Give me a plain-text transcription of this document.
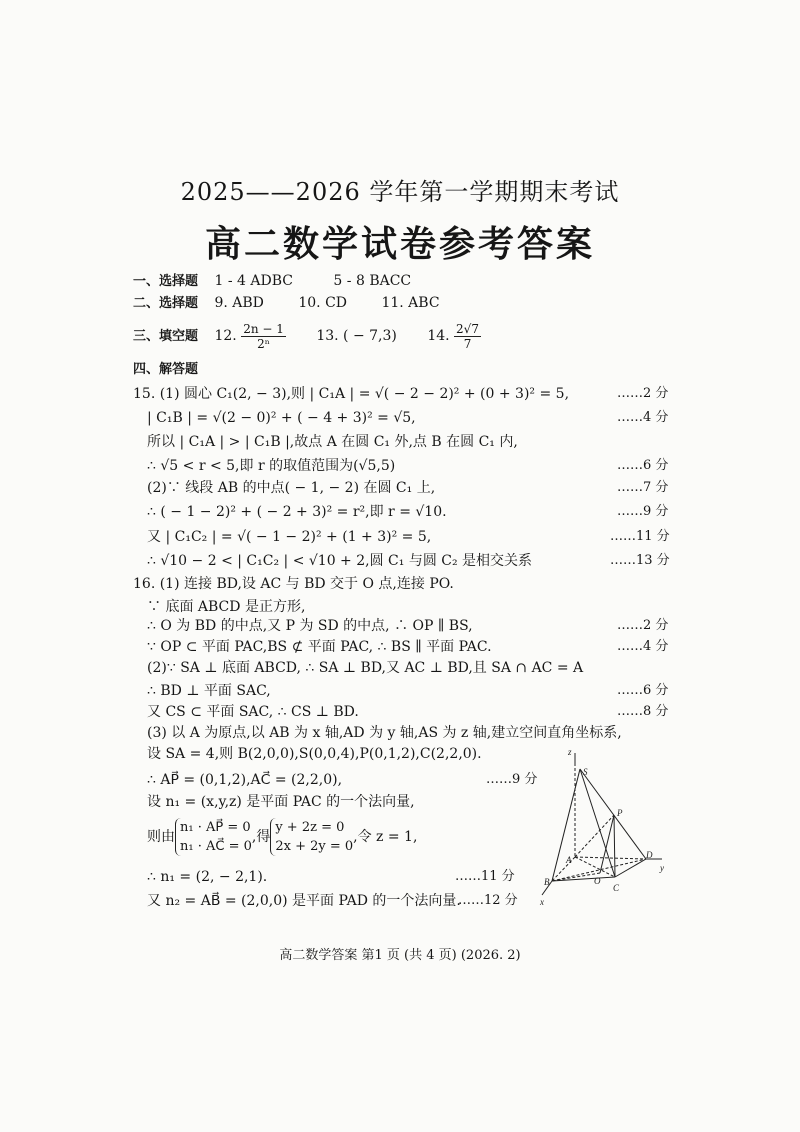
2025——2026 学年第一学期期末考试
高二数学试卷参考答案
一、选择题 1 - 4 ADBC	5 - 8 BACC
二、选择题 9. ABD 10. CD 11. ABC
三、填空题 12. $\frac{2n - 1}{\text{2ⁿ}} 13$. ( − 7,3) 14. $\frac{2√7}{7}$
四、解答题
15. (1) 圆心 C₁(2, − 3),则 | C₁A | = √( − 2 − 2)² + (0 + 3)² = 5,	……2 分
| C₁B | = √(2 − 0)² + ( − 4 + 3)² = √5,	……4 分
所以 | C₁A | > | C₁B |,故点 A 在圆 C₁ 外,点 B 在圆 C₁ 内,
∴ √5 < r < 5,即 r 的取值范围为(√5,5)	……6 分
(2)∵ 线段 AB 的中点( − 1, − 2) 在圆 C₁ 上,	……7 分
∴ ( − 1 − 2)² + ( − 2 + 3)² = r²,即 r = √10.	……9 分
又 | C₁C₂ | = √( − 1 − 2)² + (1 + 3)² = 5,	……11 分
∴ √10 − 2 < | C₁C₂ | < √10 + 2,圆 C₁ 与圆 C₂ 是相交关系	……13 分
16. (1) 连接 BD,设 AC 与 BD 交于 O 点,连接 PO.
∵ 底面 ABCD 是正方形,
∴ O 为 BD 的中点,又 P 为 SD 的中点, ∴ OP ∥ BS,	……2 分
∵ OP ⊂ 平面 PAC,BS ⊄ 平面 PAC, ∴ BS ∥ 平面 PAC.	……4 分
(2)∵ SA ⊥ 底面 ABCD, ∴ SA ⊥ BD,又 AC ⊥ BD,且 SA ∩ AC = A
∴ BD ⊥ 平面 SAC,	……6 分
又 CS ⊂ 平面 SAC, ∴ CS ⊥ BD.	……8 分
(3) 以 A 为原点,以 AB 为 x 轴,AD 为 y 轴,AS 为 z 轴,建立空间直角坐标系,
设 SA = 4,则 B(2,0,0),S(0,0,4),P(0,1,2),C(2,2,0).
∴ AP⃗ = (0,1,2),AC⃗ = (2,2,0),	……9 分
设 n₁ = (x,y,z) 是平面 PAC 的一个法向量,
则由
n₁ · AP⃗ = 0
n₁ · AC⃗ = 0
,得
y + 2z = 0
2x + 2y = 0
,令 z = 1,
∴ n₁ = (2, − 2,1).	……11 分
又 n₂ = AB⃗ = (2,0,0) 是平面 PAD 的一个法向量.
……12 分
z
S
P
A
O
D
y
B
C
x
高二数学答案 第1 页 (共 4 页) (2026. 2)
